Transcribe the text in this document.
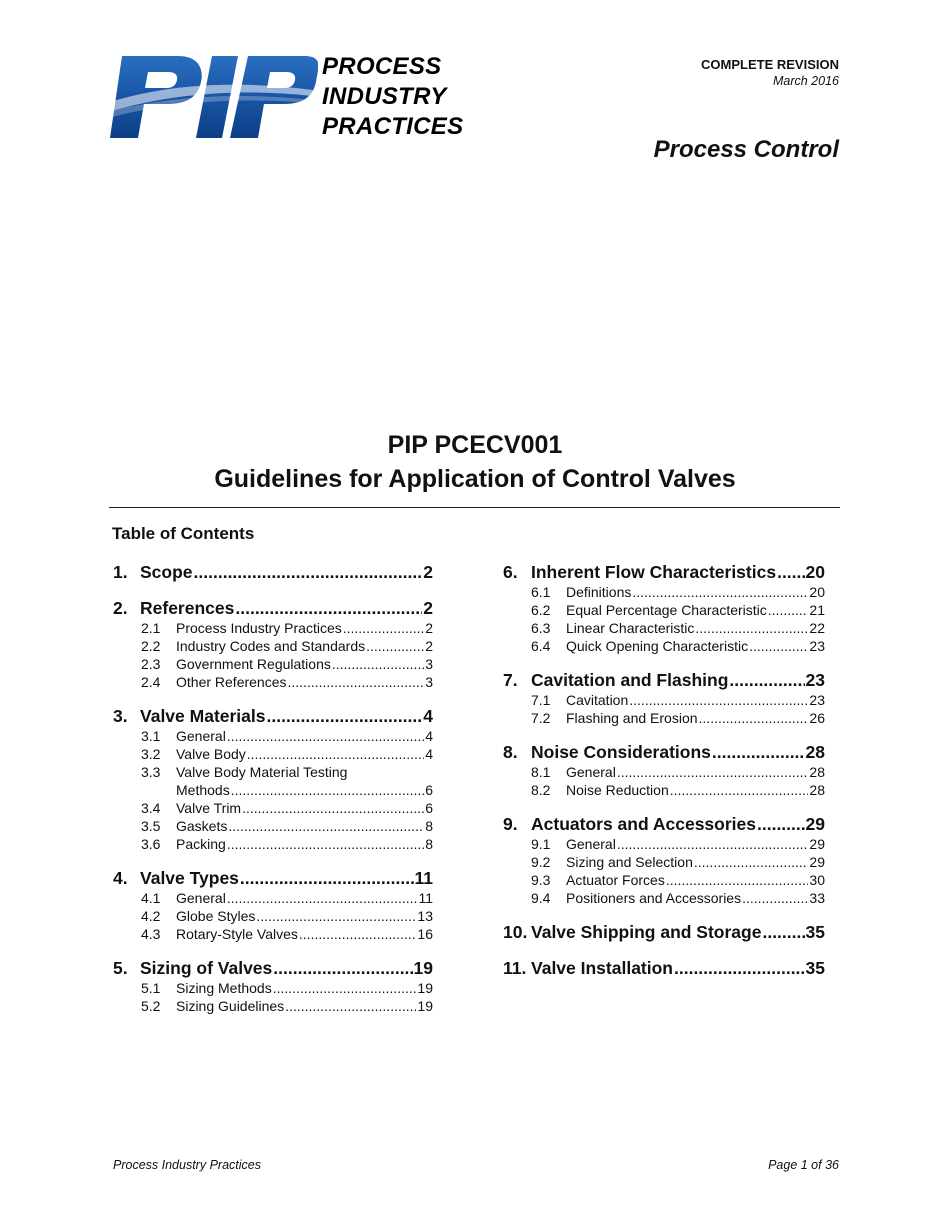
PROCESS
INDUSTRY
PRACTICES
COMPLETE REVISION
March 2016
Process Control
PIP PCECV001
Guidelines for Application of Control Valves
Table of Contents
1. Scope .....	2
2. References .....	2
2.1	Process Industry Practices .....	2
2.2	Industry Codes and Standards .....	2
2.3	Government Regulations .....	3
2.4	Other References .....	3
3. Valve Materials .....	4
3.1	General .....	4
3.2	Valve Body .....	4
3.3	Valve Body Material Testing
Methods .....	6
3.4	Valve Trim .....	6
3.5	Gaskets .....	8
3.6	Packing .....	8
4. Valve Types .....	11
4.1	General .....	11
4.2	Globe Styles .....	13
4.3	Rotary-Style Valves .....	16
5. Sizing of Valves .....	19
5.1	Sizing Methods .....	19
5.2	Sizing Guidelines .....	19
6. Inherent Flow Characteristics ..... 20
6.1	Definitions .....	20
6.2	Equal Percentage Characteristic .....	21
6.3	Linear Characteristic .....	22
6.4	Quick Opening Characteristic .....	23
7. Cavitation and Flashing .....	23
7.1	Cavitation .....	23
7.2	Flashing and Erosion .....	26
8. Noise Considerations .....	28
8.1	General .....	28
8.2	Noise Reduction .....	28
9. Actuators and Accessories .....	29
9.1	General .....	29
9.2	Sizing and Selection .....	29
9.3	Actuator Forces .....	30
9.4	Positioners and Accessories .....	33
10. Valve Shipping and Storage .....	35
11. Valve Installation .....	35
Process Industry Practices	Page 1 of 36
